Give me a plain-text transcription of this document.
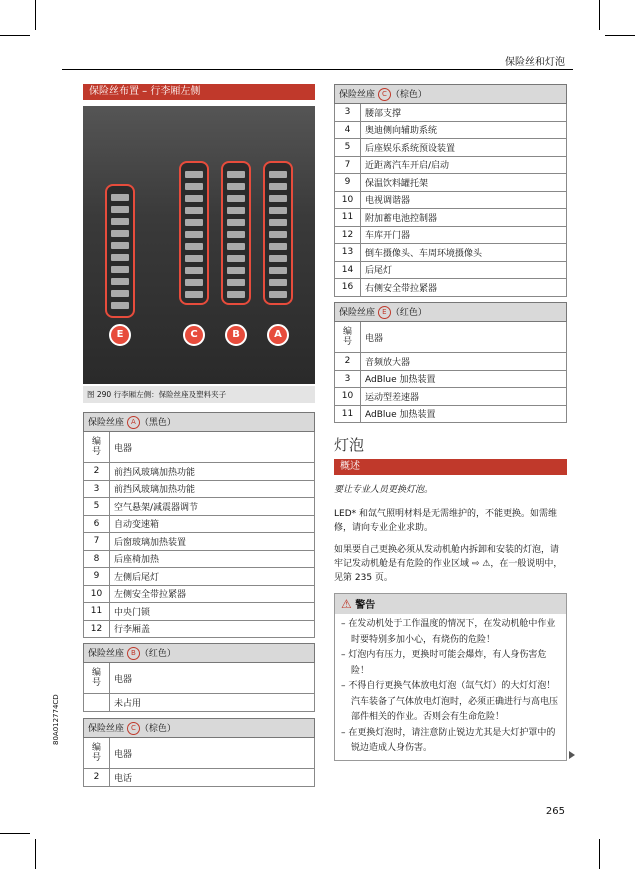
保险丝和灯泡
80A012774CD
265
保险丝布置 – 行李厢左侧
E	C	B	A
图 290 行李厢左侧：保险丝座及塑料夹子
保险丝座 A （黑色）	
编号	电器
2	前挡风玻璃加热功能
3	前挡风玻璃加热功能
5	空气悬架/减震器调节
6	自动变速箱
7	后窗玻璃加热装置
8	后座椅加热
9	左侧后尾灯
10	左侧安全带拉紧器
11	中央门锁
12	行李厢盖
保险丝座 B （红色）	
编号	电器
	未占用
保险丝座 C （棕色）	
编号	电器
2	电话
保险丝座 C （棕色）	
3	腰部支撑
4	奥迪侧向辅助系统
5	后座娱乐系统预设装置
7	近距离汽车开启/启动
9	保温饮料罐托架
10	电视调谐器
11	附加蓄电池控制器
12	车库开门器
13	倒车摄像头、车周环境摄像头
14	后尾灯
16	右侧安全带拉紧器
保险丝座 E （红色）	
编号	电器
2	音频放大器
3	AdBlue 加热装置
10	运动型差速器
11	AdBlue 加热装置
灯泡
概述
要让专业人员更换灯泡。
LED* 和氙气照明材料是无需维护的，不能更换。如需维修，请向专业企业求助。
如果要自己更换必须从发动机舱内拆卸和安装的灯泡，请牢记发动机舱是有危险的作业区域 ⇨ ⚠，在一般说明中，见第 235 页。
⚠ 警告
– 在发动机处于工作温度的情况下，在发动机舱中作业时要特别多加小心，有烧伤的危险！
– 灯泡内有压力，更换时可能会爆炸，有人身伤害危险！
– 不得自行更换气体放电灯泡（氙气灯）的大灯灯泡！汽车装备了气体放电灯泡时，必须正确进行与高电压部件相关的作业。否则会有生命危险！
– 在更换灯泡时，请注意防止锐边尤其是大灯护罩中的锐边造成人身伤害。
